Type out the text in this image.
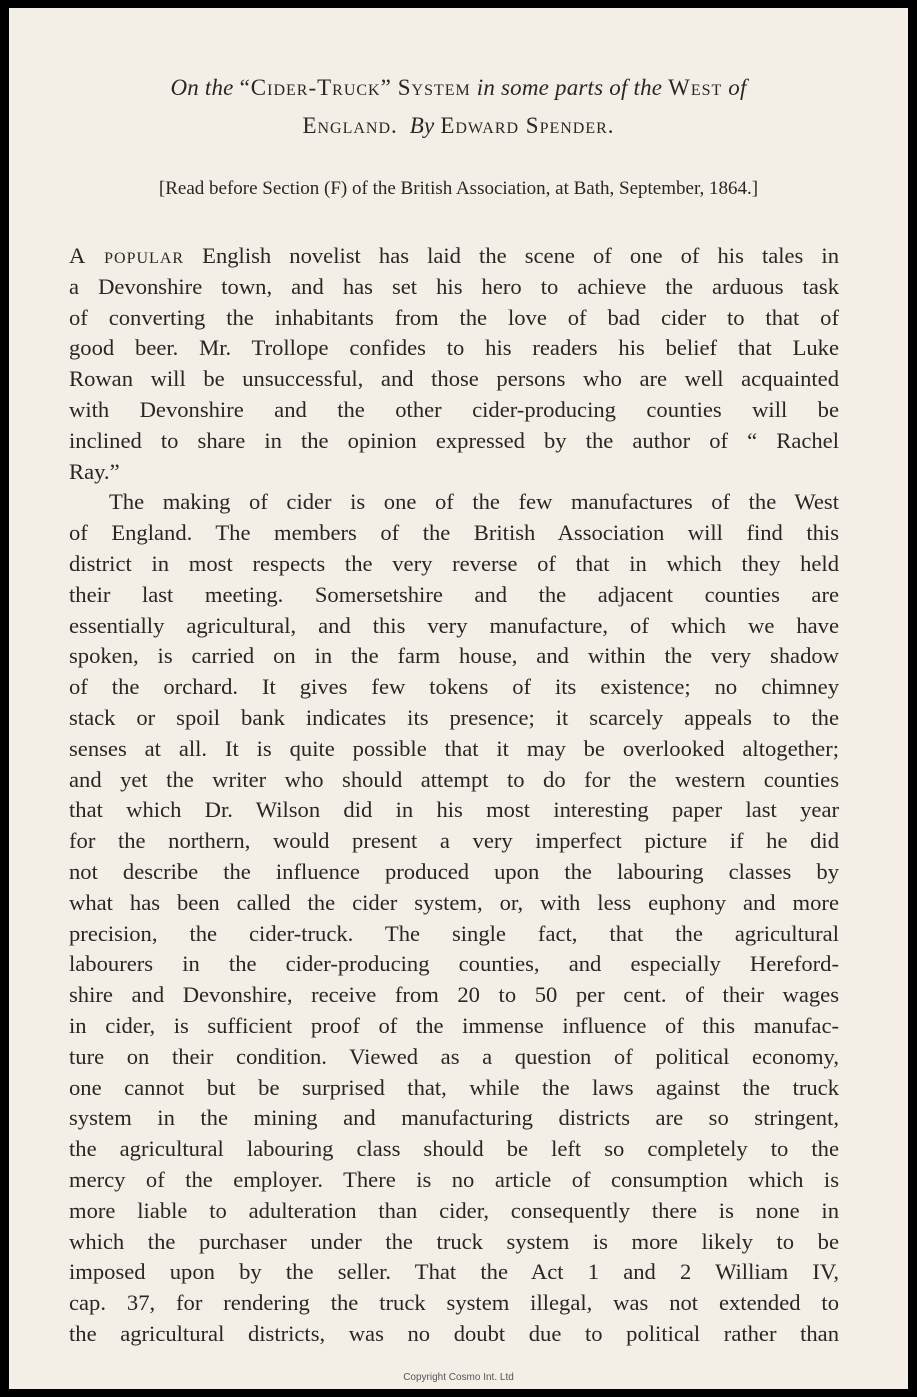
On the “Cider-Truck” System in some parts of the West of
England. By Edward Spender.
[Read before Section (F) of the British Association, at Bath, September, 1864.]
A popular English novelist has laid the scene of one of his tales in
a Devonshire town, and has set his hero to achieve the arduous task
of converting the inhabitants from the love of bad cider to that of
good beer. Mr. Trollope confides to his readers his belief that Luke
Rowan will be unsuccessful, and those persons who are well acquainted
with Devonshire and the other cider-producing counties will be
inclined to share in the opinion expressed by the author of “ Rachel
Ray.”
The making of cider is one of the few manufactures of the West
of England. The members of the British Association will find this
district in most respects the very reverse of that in which they held
their last meeting. Somersetshire and the adjacent counties are
essentially agricultural, and this very manufacture, of which we have
spoken, is carried on in the farm house, and within the very shadow
of the orchard. It gives few tokens of its existence; no chimney
stack or spoil bank indicates its presence; it scarcely appeals to the
senses at all. It is quite possible that it may be overlooked altogether;
and yet the writer who should attempt to do for the western counties
that which Dr. Wilson did in his most interesting paper last year
for the northern, would present a very imperfect picture if he did
not describe the influence produced upon the labouring classes by
what has been called the cider system, or, with less euphony and more
precision, the cider-truck. The single fact, that the agricultural
labourers in the cider-producing counties, and especially Hereford-
shire and Devonshire, receive from 20 to 50 per cent. of their wages
in cider, is sufficient proof of the immense influence of this manufac-
ture on their condition. Viewed as a question of political economy,
one cannot but be surprised that, while the laws against the truck
system in the mining and manufacturing districts are so stringent,
the agricultural labouring class should be left so completely to the
mercy of the employer. There is no article of consumption which is
more liable to adulteration than cider, consequently there is none in
which the purchaser under the truck system is more likely to be
imposed upon by the seller. That the Act 1 and 2 William IV,
cap. 37, for rendering the truck system illegal, was not extended to
the agricultural districts, was no doubt due to political rather than
Copyright Cosmo Int. Ltd
